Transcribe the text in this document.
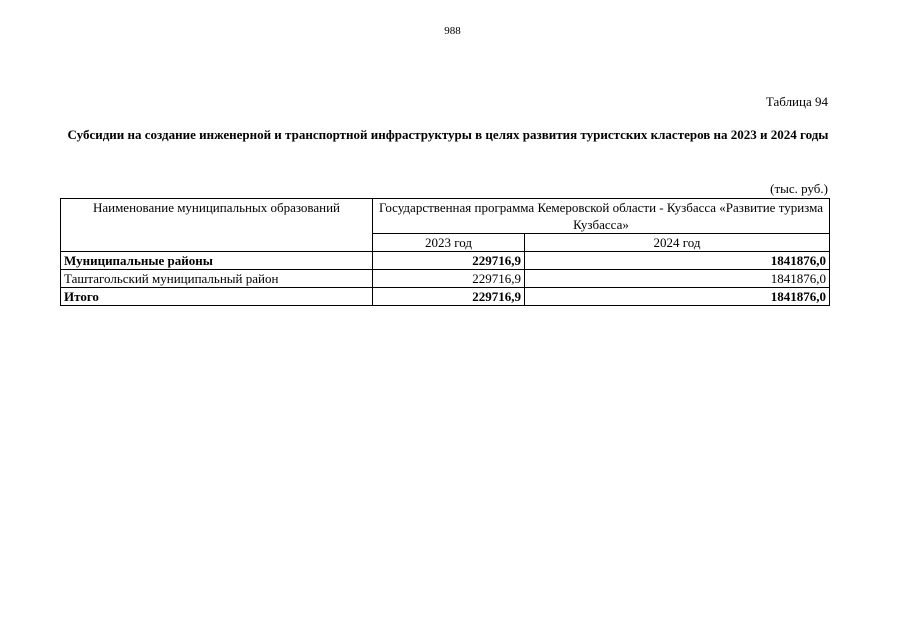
988
Таблица 94
Субсидии на создание инженерной и транспортной инфраструктуры в целях развития туристских кластеров на 2023 и 2024 годы
(тыс. руб.)
Наименование муниципальных образований	Государственная программа Кемеровской области - Кузбасса «Развитие туризма Кузбасса»	
	2023 год	2024 год
Муниципальные районы	229716,9	1841876,0
Таштагольский муниципальный район	229716,9	1841876,0
Итого	229716,9	1841876,0
